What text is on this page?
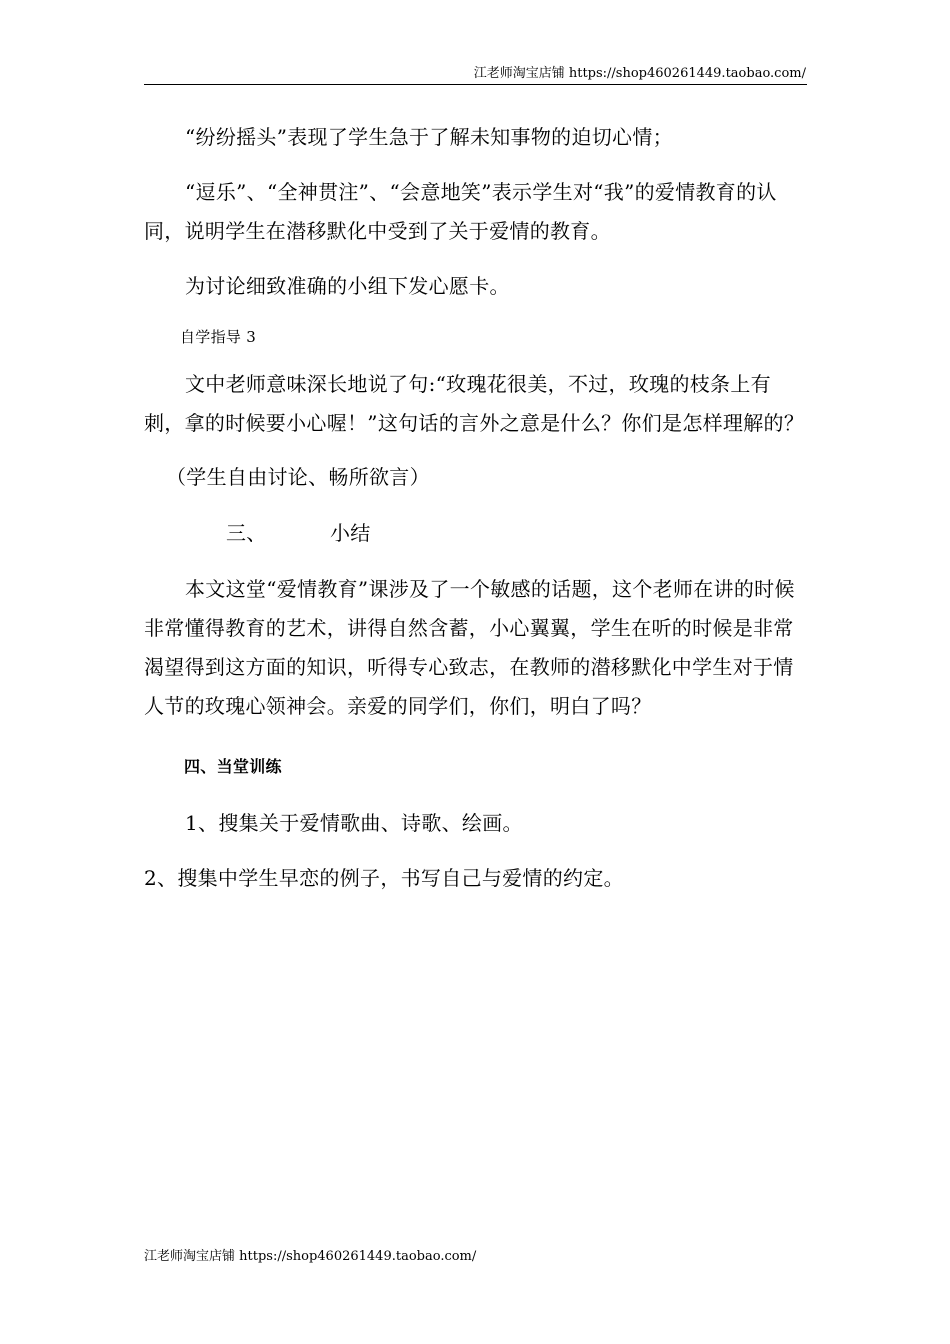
江老师淘宝店铺 https://shop460261449.taobao.com/

“纷纷摇头”表现了学生急于了解未知事物的迫切心情；

“逗乐”、“全神贯注”、“会意地笑”表示学生对“我”的爱情教育的认同，说明学生在潜移默化中受到了关于爱情的教育。

为讨论细致准确的小组下发心愿卡。

自学指导 3

文中老师意味深长地说了句:“玫瑰花很美，不过，玫瑰的枝条上有刺，拿的时候要小心喔！”这句话的言外之意是什么？你们是怎样理解的？

（学生自由讨论、畅所欲言）

三、	小结

本文这堂“爱情教育”课涉及了一个敏感的话题，这个老师在讲的时候非常懂得教育的艺术，讲得自然含蓄，小心翼翼，学生在听的时候是非常渴望得到这方面的知识，听得专心致志，在教师的潜移默化中学生对于情人节的玫瑰心领神会。亲爱的同学们，你们，明白了吗？

四、当堂训练

1、搜集关于爱情歌曲、诗歌、绘画。

2、搜集中学生早恋的例子，书写自己与爱情的约定。

江老师淘宝店铺 https://shop460261449.taobao.com/
